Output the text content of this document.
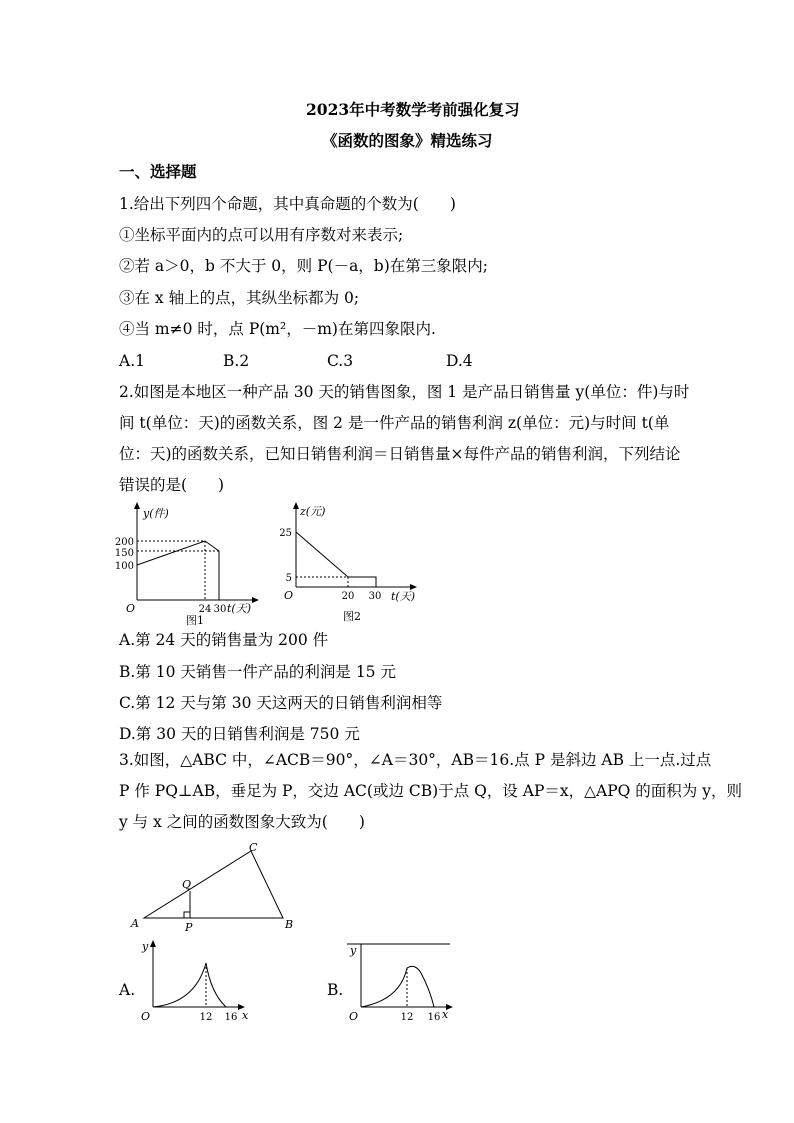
2023年中考数学考前强化复习
《函数的图象》精选练习
一、选择题
1.给出下列四个命题，其中真命题的个数为(　　)
①坐标平面内的点可以用有序数对来表示;
②若 a＞0，b 不大于 0，则 P(－a，b)在第三象限内;
③在 x 轴上的点，其纵坐标都为 0;
④当 m≠0 时，点 P(m²，－m)在第四象限内.
A.1	B.2	C.3	D.4
2.如图是本地区一种产品 30 天的销售图象，图 1 是产品日销售量 y(单位：件)与时
间 t(单位：天)的函数关系，图 2 是一件产品的销售利润 z(单位：元)与时间 t(单
位：天)的函数关系，已知日销售利润＝日销售量×每件产品的销售利润，下列结论
错误的是(　　)
y(件)
200
150
100
O	24 30 t(天)
图1
z(元)
25
5
O	20 30 t(天)
图2
A.第 24 天的销售量为 200 件
B.第 10 天销售一件产品的利润是 15 元
C.第 12 天与第 30 天这两天的日销售利润相等
D.第 30 天的日销售利润是 750 元
3.如图，△ABC 中，∠ACB＝90°，∠A＝30°，AB＝16.点 P 是斜边 AB 上一点.过点
P 作 PQ⊥AB，垂足为 P，交边 AC(或边 CB)于点 Q，设 AP＝x，△APQ 的面积为 y，则
y 与 x 之间的函数图象大致为(　　)
A	B
C
P
Q
A.
y
O	12 16 x
B.
y
O	12 16 x
